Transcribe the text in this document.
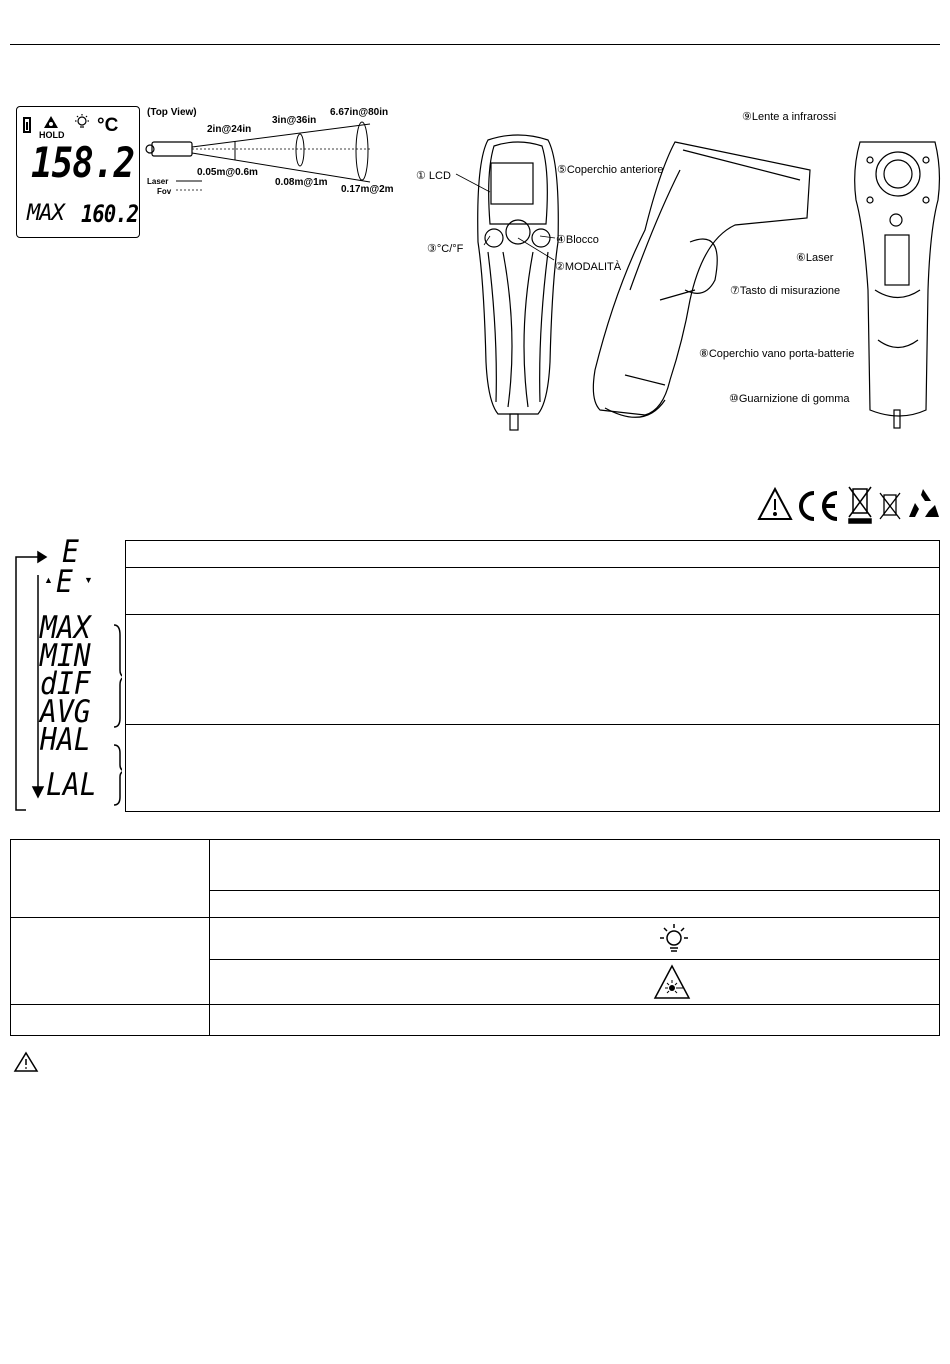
HOLD °C
158.2
MAX 160.2
(Top View)
2in@24in
3in@36in
6.67in@80in
0.05m@0.6m
0.08m@1m
0.17m@2m
Laser
Fov
① LCD
③°C/°F
④Blocco
②MODALITÀ
⑤Coperchio anteriore
⑦Tasto di misurazione
⑧Coperchio vano porta-batterie
⑨Lente a infrarossi
⑥Laser
⑩Guarnizione di gomma
E
▲ E ▼
MAX
MIN
dIF
AVG
HAL
LAL
